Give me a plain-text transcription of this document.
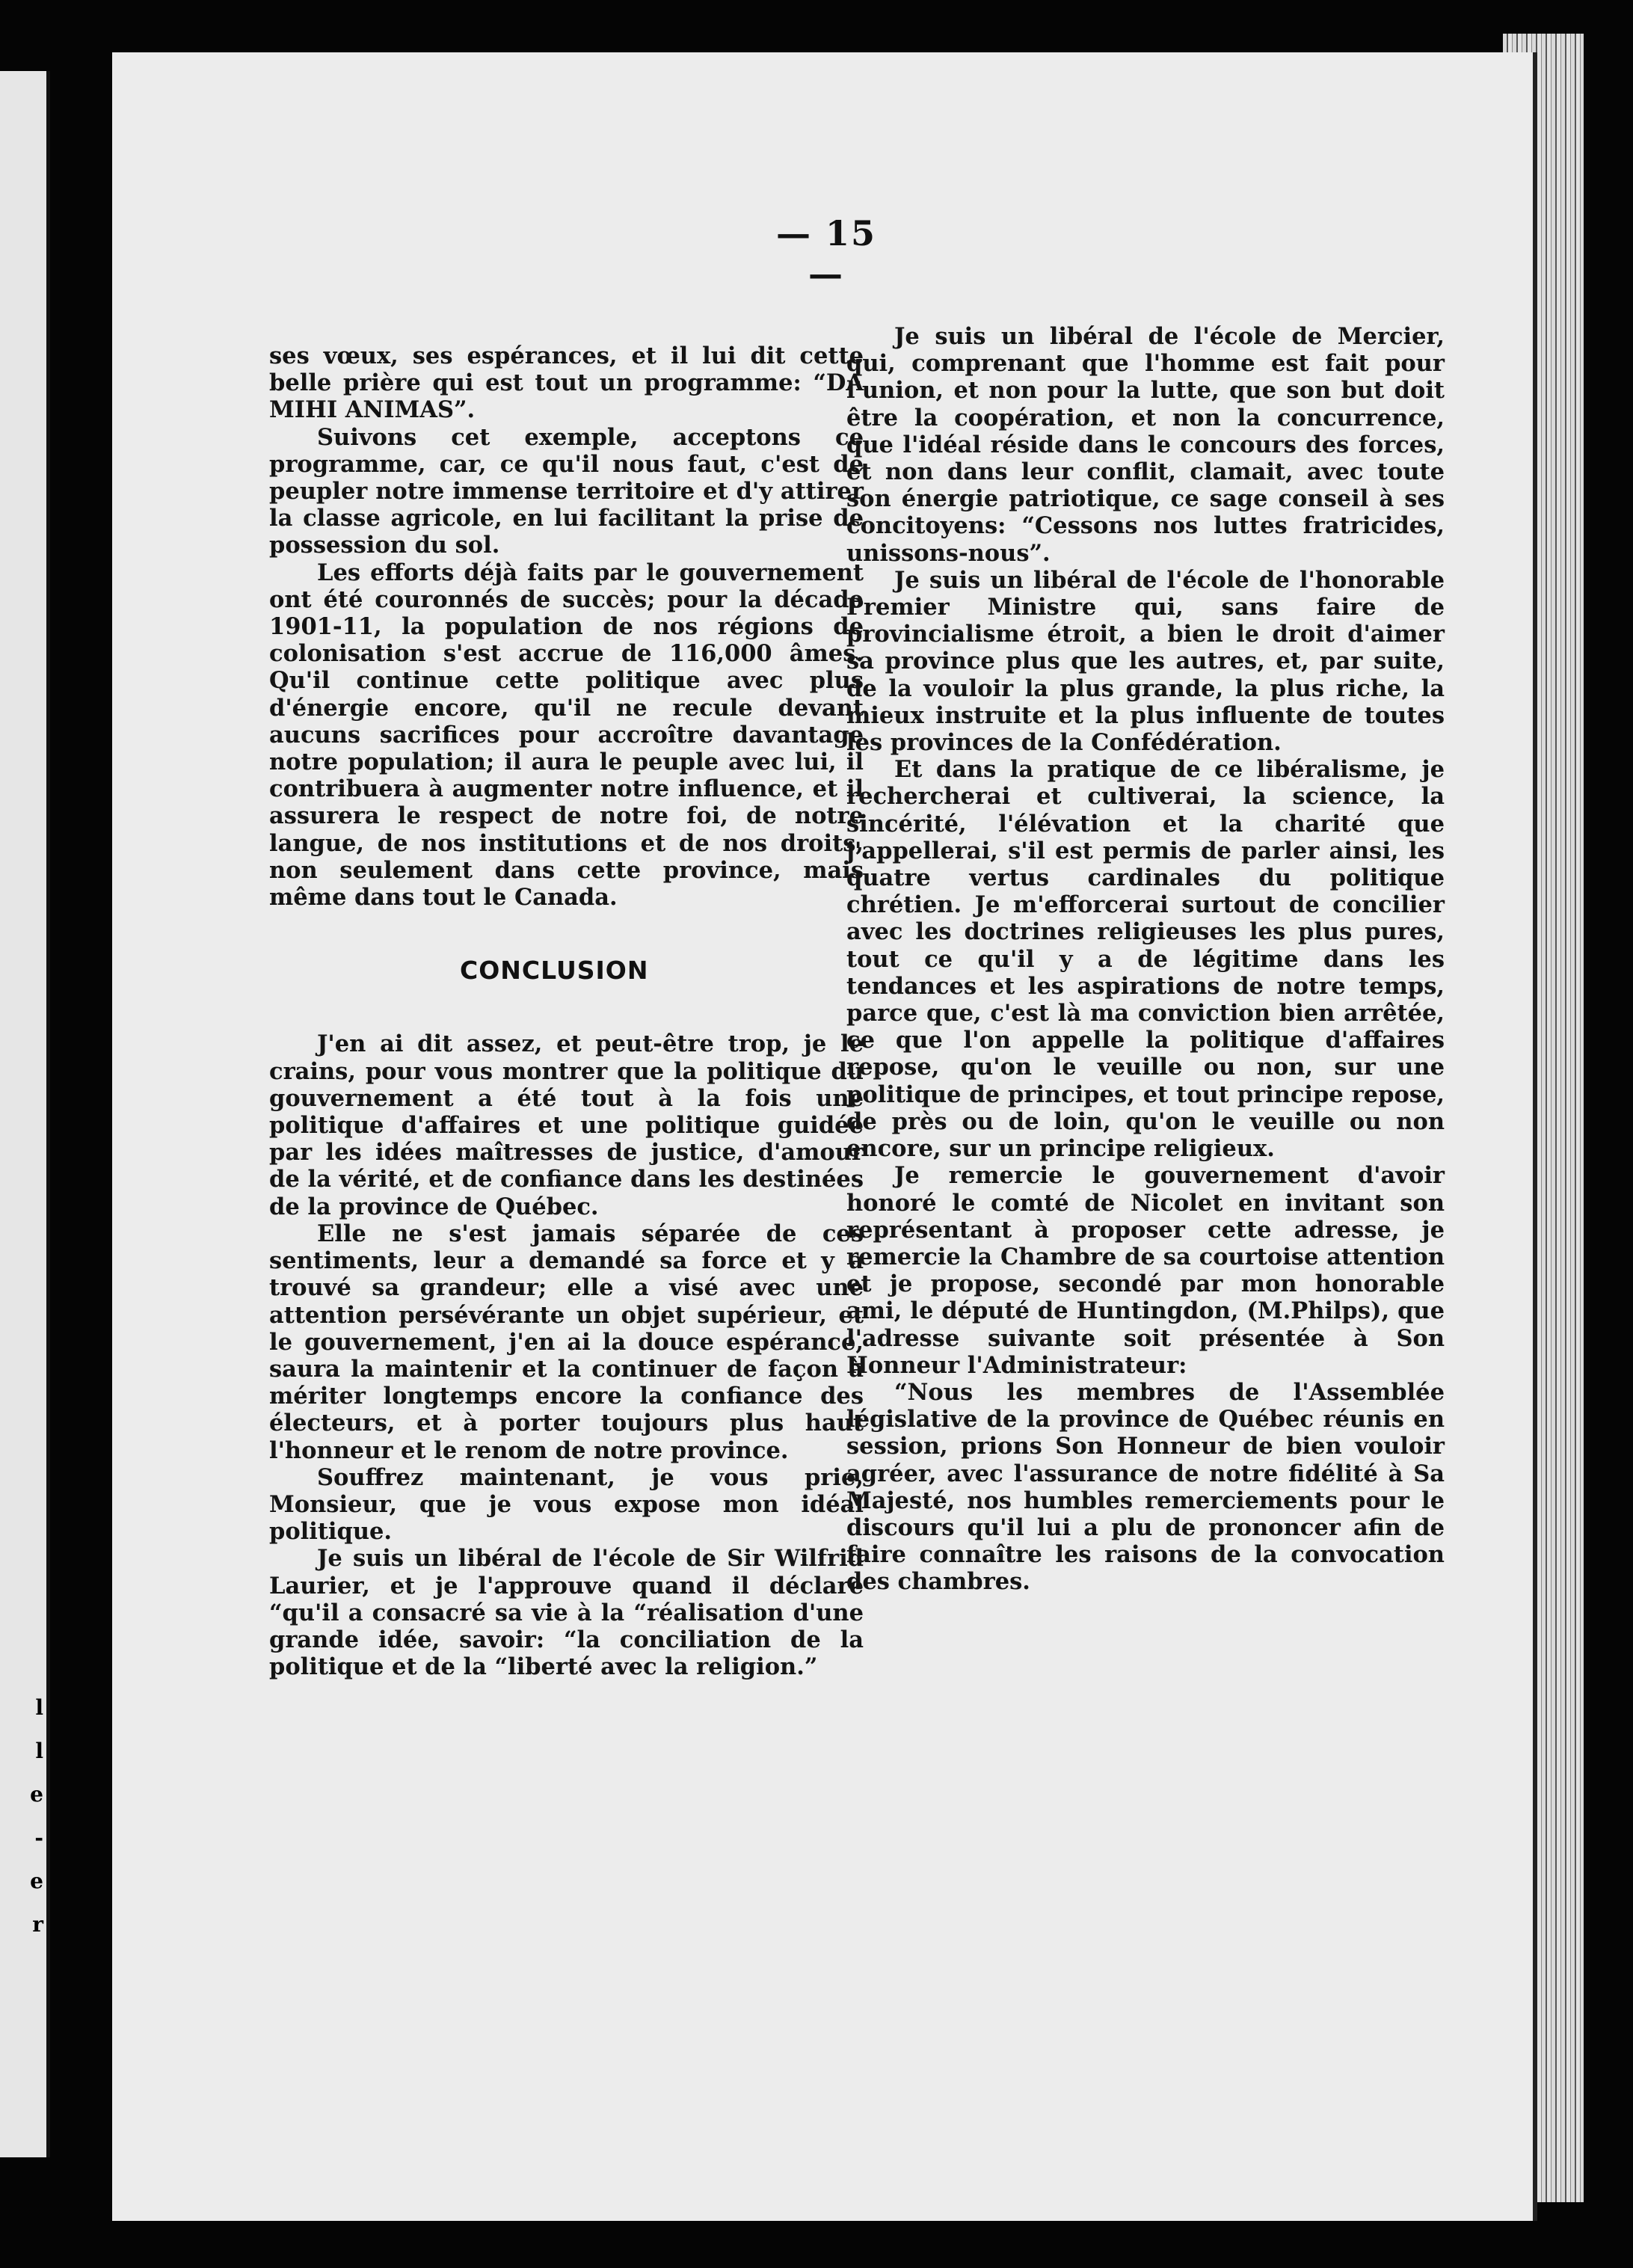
l
l
e
-
e
r
— 15 —

ses vœux, ses espérances, et il lui dit cette belle prière qui est tout un programme: “DA MIHI ANIMAS”.

Suivons cet exemple, acceptons ce programme, car, ce qu'il nous faut, c'est de peupler notre immense territoire et d'y attirer la classe agricole, en lui facilitant la prise de possession du sol.

Les efforts déjà faits par le gouvernement ont été couronnés de succès; pour la décade 1901-11, la population de nos régions de colonisation s'est accrue de 116,000 âmes. Qu'il continue cette politique avec plus d'énergie encore, qu'il ne recule devant aucuns sacrifices pour accroître davantage notre population; il aura le peuple avec lui, il contribuera à augmenter notre influence, et il assurera le respect de notre foi, de notre langue, de nos institutions et de nos droits, non seulement dans cette province, mais même dans tout le Canada.

CONCLUSION

J'en ai dit assez, et peut-être trop, je le crains, pour vous montrer que la politique du gouvernement a été tout à la fois une politique d'affaires et une politique guidée par les idées maîtresses de justice, d'amour de la vérité, et de confiance dans les destinées de la province de Québec.

Elle ne s'est jamais séparée de ces sentiments, leur a demandé sa force et y a trouvé sa grandeur; elle a visé avec une attention persévérante un objet supérieur, et le gouvernement, j'en ai la douce espérance, saura la maintenir et la continuer de façon à mériter longtemps encore la confiance des électeurs, et à porter toujours plus haut l'honneur et le renom de notre province.

Souffrez maintenant, je vous prie, Monsieur, que je vous expose mon idéal politique.

Je suis un libéral de l'école de Sir Wilfrid Laurier, et je l'approuve quand il déclare “qu'il a consacré sa vie à la “réalisation d'une grande idée, savoir: “la conciliation de la politique et de la “liberté avec la religion.”

Je suis un libéral de l'école de Mercier, qui, comprenant que l'homme est fait pour l'union, et non pour la lutte, que son but doit être la coopération, et non la concurrence, que l'idéal réside dans le concours des forces, et non dans leur conflit, clamait, avec toute son énergie patriotique, ce sage conseil à ses concitoyens: “Cessons nos luttes fratricides, unissons-nous”.

Je suis un libéral de l'école de l'honorable Premier Ministre qui, sans faire de provincialisme étroit, a bien le droit d'aimer sa province plus que les autres, et, par suite, de la vouloir la plus grande, la plus riche, la mieux instruite et la plus influente de toutes les provinces de la Confédération.

Et dans la pratique de ce libéralisme, je rechercherai et cultiverai, la science, la sincérité, l'élévation et la charité que j'appellerai, s'il est permis de parler ainsi, les quatre vertus cardinales du politique chrétien. Je m'efforcerai surtout de concilier avec les doctrines religieuses les plus pures, tout ce qu'il y a de légitime dans les tendances et les aspirations de notre temps, parce que, c'est là ma conviction bien arrêtée, ce que l'on appelle la politique d'affaires repose, qu'on le veuille ou non, sur une politique de principes, et tout principe repose, de près ou de loin, qu'on le veuille ou non encore, sur un principe religieux.

Je remercie le gouvernement d'avoir honoré le comté de Nicolet en invitant son représentant à proposer cette adresse, je remercie la Chambre de sa courtoise attention et je propose, secondé par mon honorable ami, le député de Huntingdon, (M.Philps), que l'adresse suivante soit présentée à Son Honneur l'Administrateur:

“Nous les membres de l'Assemblée législative de la province de Québec réunis en session, prions Son Honneur de bien vouloir agréer, avec l'assurance de notre fidélité à Sa Majesté, nos humbles remerciements pour le discours qu'il lui a plu de prononcer afin de faire connaître les raisons de la convocation des chambres.
